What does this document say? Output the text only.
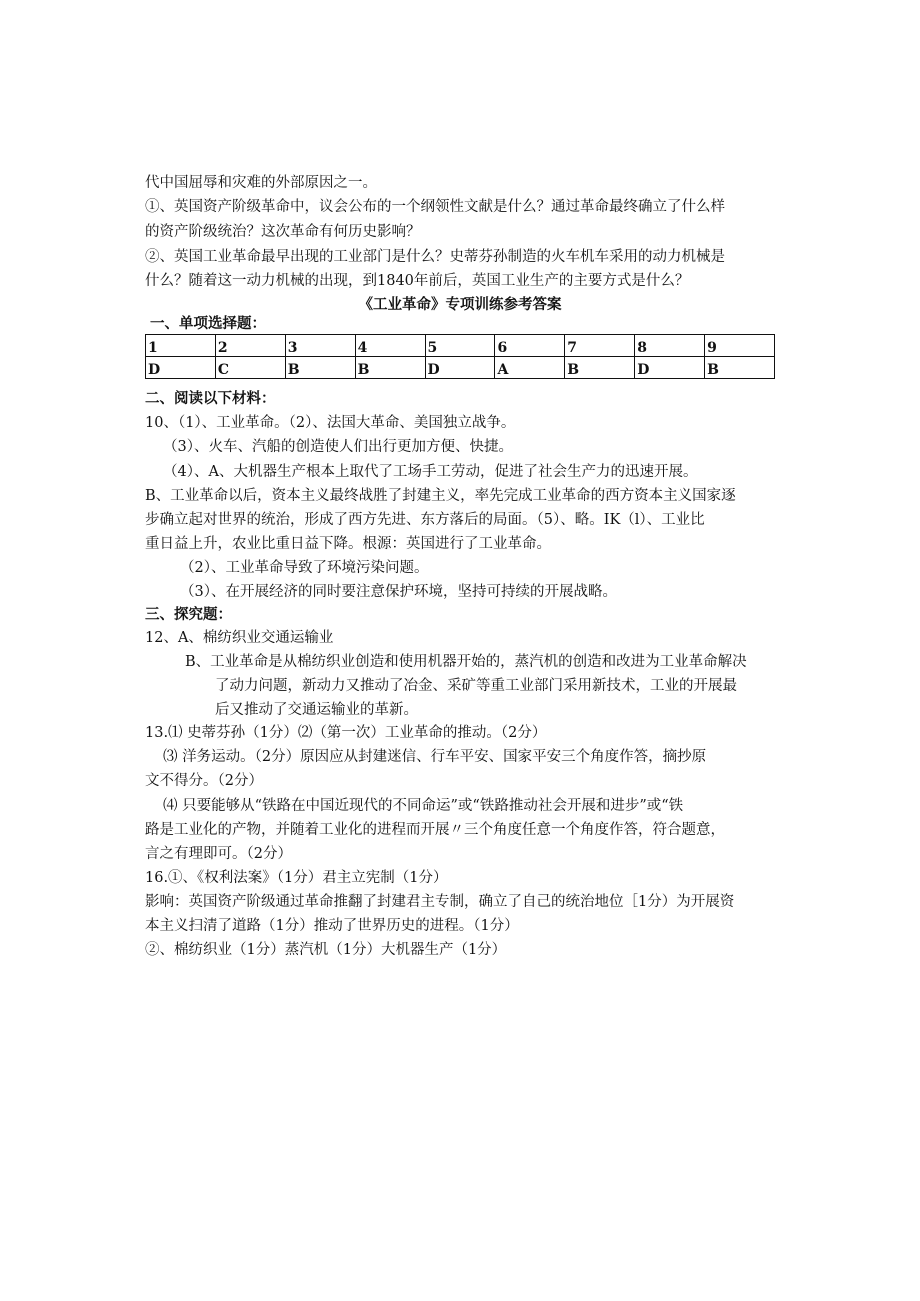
代中国屈辱和灾难的外部原因之一。
①、英国资产阶级革命中，议会公布的一个纲领性文献是什么？通过革命最终确立了什么样
的资产阶级统治？这次革命有何历史影响？
②、英国工业革命最早出现的工业部门是什么？史蒂芬孙制造的火车机车采用的动力机械是
什么？随着这一动力机械的出现，到1840年前后，英国工业生产的主要方式是什么？
《工业革命》专项训练参考答案
一、单项选择题：
1	2	3	4	5	6	7	8	9
D	C	B	B	D	A	B	D	B
二、阅读以下材料：
10、（1）、工业革命。（2）、法国大革命、美国独立战争。
（3）、火车、汽船的创造使人们出行更加方便、快捷。
（4）、A、大机器生产根本上取代了工场手工劳动，促进了社会生产力的迅速开展。
B、工业革命以后，资本主义最终战胜了封建主义，率先完成工业革命的西方资本主义国家逐
步确立起对世界的统治，形成了西方先进、东方落后的局面。（5）、略。IK（l）、工业比
重日益上升，农业比重日益下降。根源：英国进行了工业革命。
（2）、工业革命导致了环境污染问题。
（3）、在开展经济的同时要注意保护环境，坚持可持续的开展战略。
三、探究题：
12、A、棉纺织业交通运输业
B、工业革命是从棉纺织业创造和使用机器开始的，蒸汽机的创造和改进为工业革命解决
了动力问题，新动力又推动了冶金、采矿等重工业部门采用新技术，工业的开展最
后又推动了交通运输业的革新。
13.⑴ 史蒂芬孙（1分）⑵（第一次）工业革命的推动。（2分）
⑶ 洋务运动。（2分）原因应从封建迷信、行车平安、国家平安三个角度作答，摘抄原
文不得分。（2分）
⑷ 只要能够从“铁路在中国近现代的不同命运”或“铁路推动社会开展和进步”或“铁
路是工业化的产物，并随着工业化的进程而开展〃三个角度任意一个角度作答，符合题意，
言之有理即可。（2分）
16.①、《权利法案》（1分）君主立宪制（1分）
影响：英国资产阶级通过革命推翻了封建君主专制，确立了自己的统治地位［1分）为开展资
本主义扫清了道路（1分）推动了世界历史的进程。（1分）
②、棉纺织业（1分）蒸汽机（1分）大机器生产（1分）
